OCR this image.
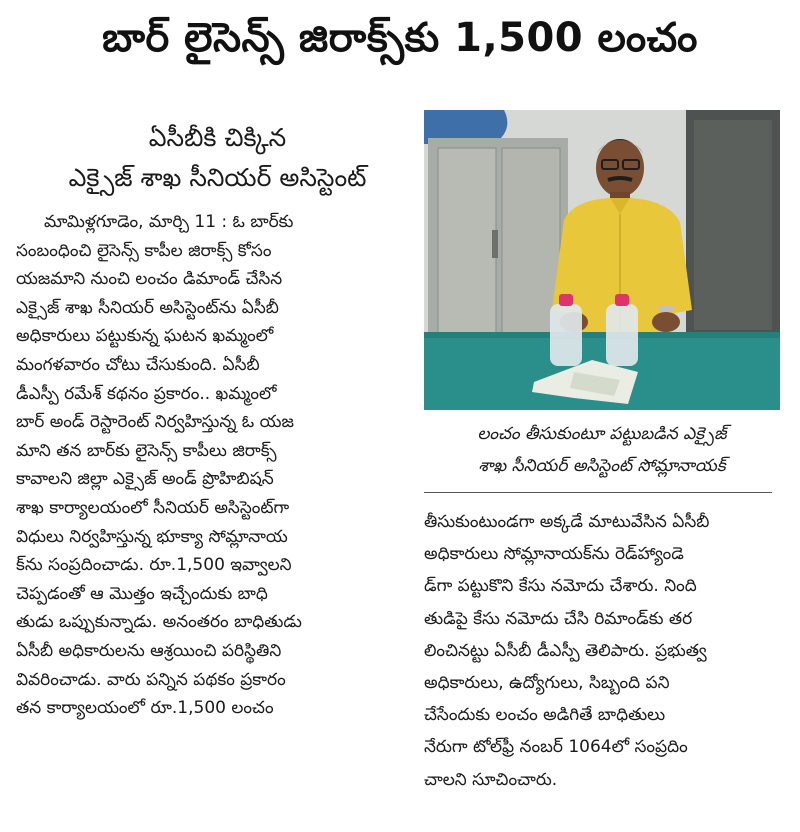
బార్ లైసెన్స్ జిరాక్స్‌కు 1,500 లంచం
ఏసీబీకి చిక్కిన
ఎక్సైజ్ శాఖ సీనియర్ అసిస్టెంట్

మామిళ్లగూడెం, మార్చి 11 : ఓ బార్‌కు
సంబంధించి లైసెన్స్ కాపీల జిరాక్స్ కోసం
యజమాని నుంచి లంచం డిమాండ్ చేసిన
ఎక్సైజ్ శాఖ సీనియర్ అసిస్టెంట్‌ను ఏసీబీ
అధికారులు పట్టుకున్న ఘటన ఖమ్మంలో
మంగళవారం చోటు చేసుకుంది. ఏసీబీ
డీఎస్పీ రమేశ్ కథనం ప్రకారం.. ఖమ్మంలో
బార్ అండ్ రెస్టారెంట్ నిర్వహిస్తున్న ఓ యజ
మాని తన బార్‌కు లైసెన్స్ కాపీలు జిరాక్స్
కావాలని జిల్లా ఎక్సైజ్ అండ్ ప్రొహిబిషన్
శాఖ కార్యాలయంలో సీనియర్ అసిస్టెంట్‌గా
విధులు నిర్వహిస్తున్న భూక్యా సోమ్లానాయ
క్‌ను సంప్రదించాడు. రూ.1,500 ఇవ్వాలని
చెప్పడంతో ఆ మొత్తం ఇచ్చేందుకు బాధి
తుడు ఒప్పుకున్నాడు. అనంతరం బాధితుడు
ఏసీబీ అధికారులను ఆశ్రయించి పరిస్థితిని
వివరించాడు. వారు పన్నిన పథకం ప్రకారం
తన కార్యాలయంలో రూ.1,500 లంచం

లంచం తీసుకుంటూ పట్టుబడిన ఎక్సైజ్
శాఖ సీనియర్ అసిస్టెంట్ సోమ్లానాయక్

తీసుకుంటుండగా అక్కడే మాటువేసిన ఏసీబీ
అధికారులు సోమ్లానాయక్‌ను రెడ్‌హ్యాండె
డ్‌గా పట్టుకొని కేసు నమోదు చేశారు. నింది
తుడిపై కేసు నమోదు చేసి రిమాండ్‌కు తర
లించినట్టు ఏసీబీ డీఎస్పీ తెలిపారు. ప్రభుత్వ
అధికారులు, ఉద్యోగులు, సిబ్బంది పని
చేసేందుకు లంచం అడిగితే బాధితులు
నేరుగా టోల్‌ఫ్రీ నంబర్ 1064లో సంప్రదిం
చాలని సూచించారు.
